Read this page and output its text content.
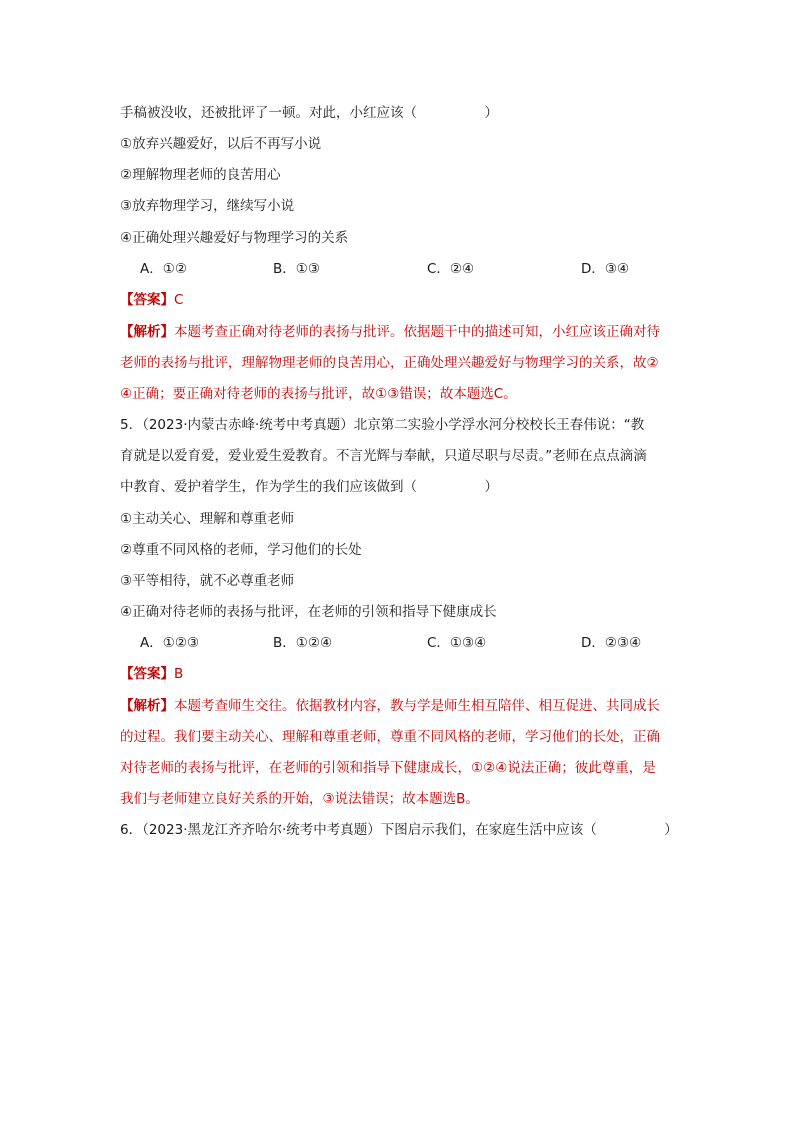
手稿被没收，还被批评了一顿。对此，小红应该（　　　　　）
①放弃兴趣爱好，以后不再写小说
②理解物理老师的良苦用心
③放弃物理学习，继续写小说
④正确处理兴趣爱好与物理学习的关系
A．①②	B．①③	C．②④	D．③④
【答案】C
【解析】本题考查正确对待老师的表扬与批评。依据题干中的描述可知，小红应该正确对待
老师的表扬与批评，理解物理老师的良苦用心，正确处理兴趣爱好与物理学习的关系，故②
④正确；要正确对待老师的表扬与批评，故①③错误；故本题选C。
5．（2023·内蒙古赤峰·统考中考真题）北京第二实验小学浮水河分校校长王春伟说：“教
育就是以爱育爱，爱业爱生爱教育。不言光辉与奉献，只道尽职与尽责。”老师在点点滴滴
中教育、爱护着学生，作为学生的我们应该做到（　　　　　）
①主动关心、理解和尊重老师
②尊重不同风格的老师，学习他们的长处
③平等相待，就不必尊重老师
④正确对待老师的表扬与批评，在老师的引领和指导下健康成长
A．①②③	B．①②④	C．①③④	D．②③④
【答案】B
【解析】本题考查师生交往。依据教材内容，教与学是师生相互陪伴、相互促进、共同成长
的过程。我们要主动关心、理解和尊重老师，尊重不同风格的老师，学习他们的长处，正确
对待老师的表扬与批评，在老师的引领和指导下健康成长，①②④说法正确；彼此尊重，是
我们与老师建立良好关系的开始，③说法错误；故本题选B。
6．（2023·黑龙江齐齐哈尔·统考中考真题）下图启示我们，在家庭生活中应该（　　　　　）
